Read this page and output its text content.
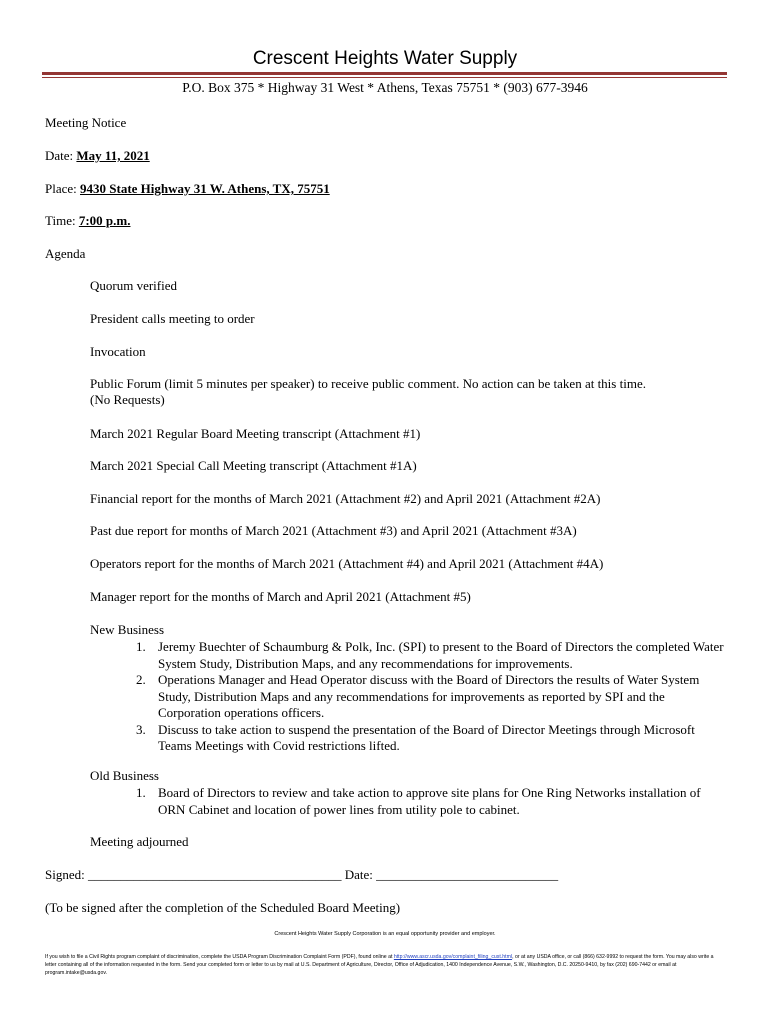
Crescent Heights Water Supply
P.O. Box 375 * Highway 31 West * Athens, Texas 75751 * (903) 677-3946
Meeting Notice
Date: May 11, 2021
Place: 9430 State Highway 31 W. Athens, TX, 75751
Time: 7:00 p.m.
Agenda
Quorum verified
President calls meeting to order
Invocation
Public Forum (limit 5 minutes per speaker) to receive public comment. No action can be taken at this time.
(No Requests)
March 2021 Regular Board Meeting transcript (Attachment #1)
March 2021 Special Call Meeting transcript (Attachment #1A)
Financial report for the months of March 2021 (Attachment #2) and April 2021 (Attachment #2A)
Past due report for months of March 2021 (Attachment #3) and April 2021 (Attachment #3A)
Operators report for the months of March 2021 (Attachment #4) and April 2021 (Attachment #4A)
Manager report for the months of March and April 2021 (Attachment #5)
New Business
1. Jeremy Buechter of Schaumburg & Polk, Inc. (SPI) to present to the Board of Directors the completed Water System Study, Distribution Maps, and any recommendations for improvements.
2. Operations Manager and Head Operator discuss with the Board of Directors the results of Water System Study, Distribution Maps and any recommendations for improvements as reported by SPI and the Corporation operations officers.
3. Discuss to take action to suspend the presentation of the Board of Director Meetings through Microsoft Teams Meetings with Covid restrictions lifted.
Old Business
1. Board of Directors to review and take action to approve site plans for One Ring Networks installation of ORN Cabinet and location of power lines from utility pole to cabinet.
Meeting adjourned
Signed: _______________________________________ Date: ____________________________
(To be signed after the completion of the Scheduled Board Meeting)
Crescent Heights Water Supply Corporation is an equal opportunity provider and employer.
If you wish to file a Civil Rights program complaint of discrimination, complete the USDA Program Discrimination Complaint Form (PDF), found online at http://www.ascr.usda.gov/complaint_filing_cust.html, or at any USDA office, or call (866) 632-9992 to request the form. You may also write a letter containing all of the information requested in the form. Send your completed form or letter to us by mail at U.S. Department of Agriculture, Director, Office of Adjudication, 1400 Independence Avenue, S.W., Washington, D.C. 20250-9410, by fax (202) 690-7442 or email at program.intake@usda.gov.
